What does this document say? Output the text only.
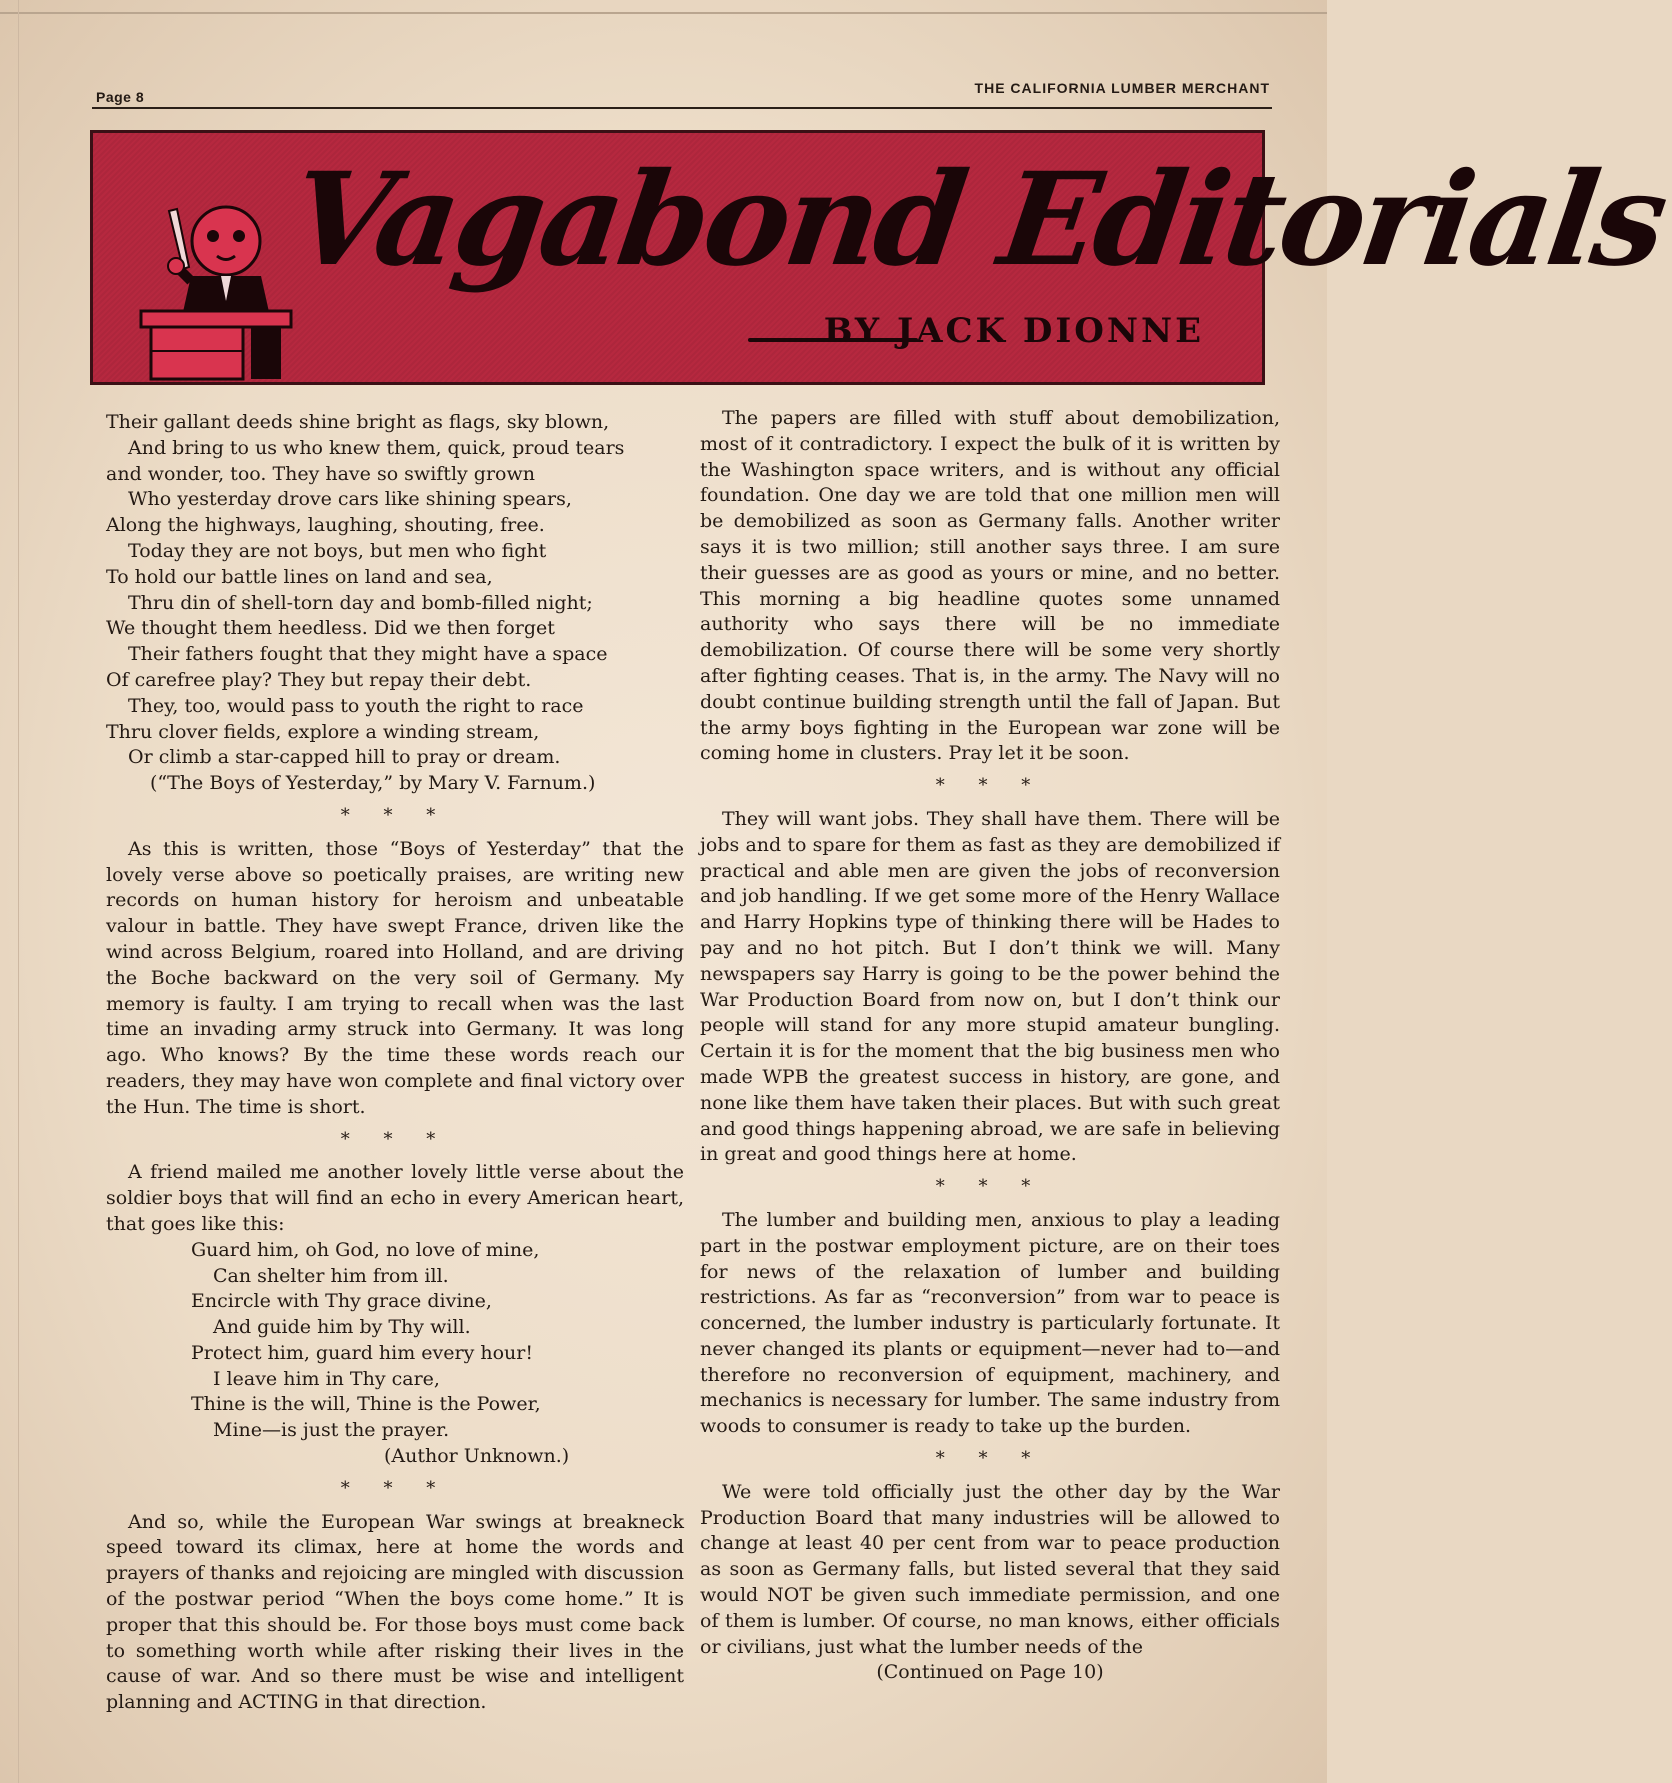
Page 8
THE CALIFORNIA LUMBER MERCHANT
Vagabond Editorials
BY JACK DIONNE
Their gallant deeds shine bright as flags, sky blown,
And bring to us who knew them, quick, proud tears
and wonder, too. They have so swiftly grown
Who yesterday drove cars like shining spears,
Along the highways, laughing, shouting, free.
Today they are not boys, but men who fight
To hold our battle lines on land and sea,
Thru din of shell-torn day and bomb-filled night;
We thought them heedless. Did we then forget
Their fathers fought that they might have a space
Of carefree play? They but repay their debt.
They, too, would pass to youth the right to race
Thru clover fields, explore a winding stream,
Or climb a star-capped hill to pray or dream.
(“The Boys of Yesterday,” by Mary V. Farnum.)
* * *

As this is written, those “Boys of Yesterday” that the lovely verse above so poetically praises, are writing new records on human history for heroism and unbeatable valour in battle. They have swept France, driven like the wind across Belgium, roared into Holland, and are driving the Boche backward on the very soil of Germany. My memory is faulty. I am trying to recall when was the last time an invading army struck into Germany. It was long ago. Who knows? By the time these words reach our readers, they may have won complete and final victory over the Hun. The time is short.

* * *

A friend mailed me another lovely little verse about the soldier boys that will find an echo in every American heart, that goes like this:

Guard him, oh God, no love of mine,
Can shelter him from ill.
Encircle with Thy grace divine,
And guide him by Thy will.
Protect him, guard him every hour!
I leave him in Thy care,
Thine is the will, Thine is the Power,
Mine—is just the prayer.
(Author Unknown.)
* * *

And so, while the European War swings at breakneck speed toward its climax, here at home the words and prayers of thanks and rejoicing are mingled with discussion of the postwar period “When the boys come home.” It is proper that this should be. For those boys must come back to something worth while after risking their lives in the cause of war. And so there must be wise and intelligent planning and ACTING in that direction.

The papers are filled with stuff about demobilization, most of it contradictory. I expect the bulk of it is written by the Washington space writers, and is without any official foundation. One day we are told that one million men will be demobilized as soon as Germany falls. Another writer says it is two million; still another says three. I am sure their guesses are as good as yours or mine, and no better. This morning a big headline quotes some unnamed authority who says there will be no immediate demobilization. Of course there will be some very shortly after fighting ceases. That is, in the army. The Navy will no doubt continue building strength until the fall of Japan. But the army boys fighting in the European war zone will be coming home in clusters. Pray let it be soon.

* * *

They will want jobs. They shall have them. There will be jobs and to spare for them as fast as they are demobilized if practical and able men are given the jobs of reconversion and job handling. If we get some more of the Henry Wallace and Harry Hopkins type of thinking there will be Hades to pay and no hot pitch. But I don’t think we will. Many newspapers say Harry is going to be the power behind the War Production Board from now on, but I don’t think our people will stand for any more stupid amateur bungling. Certain it is for the moment that the big business men who made WPB the greatest success in history, are gone, and none like them have taken their places. But with such great and good things happening abroad, we are safe in believing in great and good things here at home.

* * *

The lumber and building men, anxious to play a leading part in the postwar employment picture, are on their toes for news of the relaxation of lumber and building restrictions. As far as “reconversion” from war to peace is concerned, the lumber industry is particularly fortunate. It never changed its plants or equipment—never had to—and therefore no reconversion of equipment, machinery, and mechanics is necessary for lumber. The same industry from woods to consumer is ready to take up the burden.

* * *

We were told officially just the other day by the War Production Board that many industries will be allowed to change at least 40 per cent from war to peace production as soon as Germany falls, but listed several that they said would NOT be given such immediate permission, and one of them is lumber. Of course, no man knows, either officials or civilians, just what the lumber needs of the

(Continued on Page 10)
